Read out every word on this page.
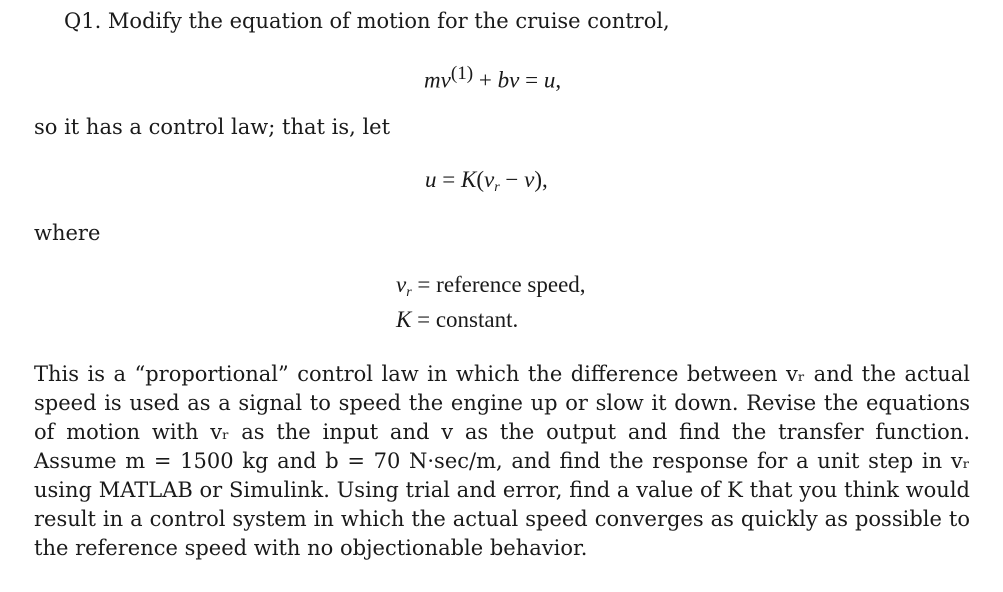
Q1. Modify the equation of motion for the cruise control,
$mv^{(1)}$ + bv = u,
so it has a control law; that is, let
$u = K(v_r - v)$,
where
$v_r$ = reference speed,
K = constant.
This is a “proportional” control law in which the difference between vᵣ and the actual speed is used as a signal to speed the engine up or slow it down. Revise the equations of motion with vᵣ as the input and v as the output and find the transfer function. Assume m = 1500 kg and b = 70 N·sec/m, and find the response for a unit step in vᵣ using MATLAB or Simulink. Using trial and error, find a value of K that you think would result in a control system in which the actual speed converges as quickly as possible to the reference speed with no objectionable behavior.
